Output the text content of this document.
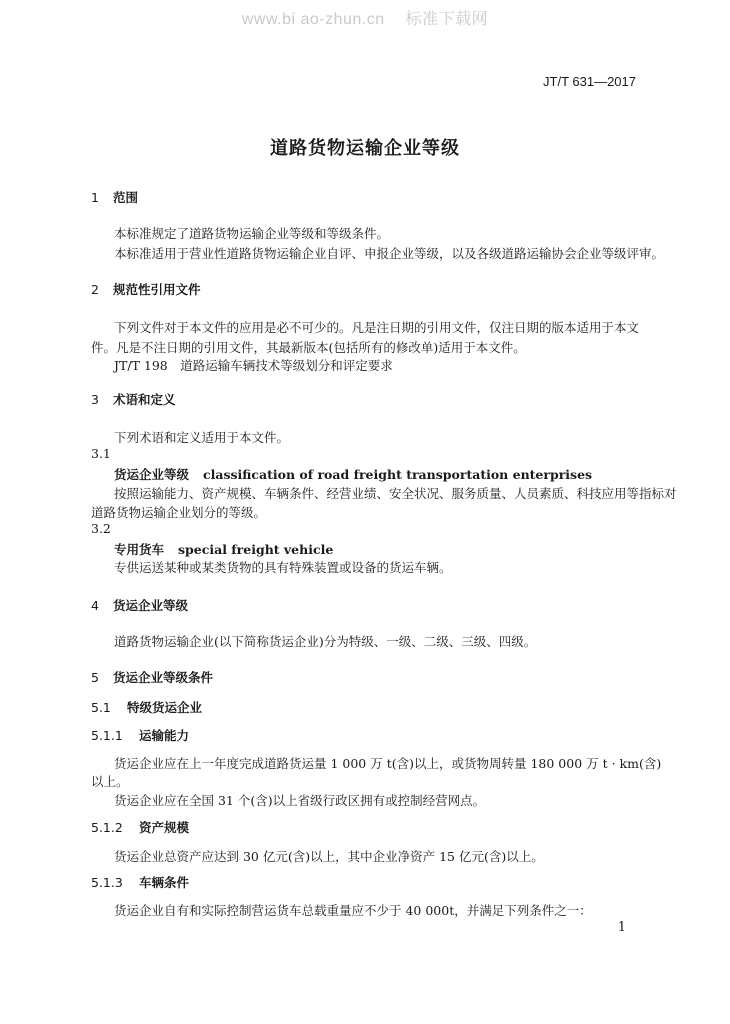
www.bi ao-zhun.cn 标准下载网
JT/T 631—2017
道路货物运输企业等级
1 范围
本标准规定了道路货物运输企业等级和等级条件。
本标准适用于营业性道路货物运输企业自评、申报企业等级，以及各级道路运输协会企业等级评审。
2 规范性引用文件
下列文件对于本文件的应用是必不可少的。凡是注日期的引用文件，仅注日期的版本适用于本文
件。凡是不注日期的引用文件，其最新版本(包括所有的修改单)适用于本文件。
JT/T 198　道路运输车辆技术等级划分和评定要求
3 术语和定义
下列术语和定义适用于本文件。
3.1
货运企业等级 classification of road freight transportation enterprises
按照运输能力、资产规模、车辆条件、经营业绩、安全状况、服务质量、人员素质、科技应用等指标对
道路货物运输企业划分的等级。
3.2
专用货车 special freight vehicle
专供运送某种或某类货物的具有特殊装置或设备的货运车辆。
4 货运企业等级
道路货物运输企业(以下简称货运企业)分为特级、一级、二级、三级、四级。
5 货运企业等级条件
5.1 特级货运企业
5.1.1 运输能力
货运企业应在上一年度完成道路货运量 1 000 万 t(含)以上，或货物周转量 180 000 万 t · km(含)
以上。
货运企业应在全国 31 个(含)以上省级行政区拥有或控制经营网点。
5.1.2 资产规模
货运企业总资产应达到 30 亿元(含)以上，其中企业净资产 15 亿元(含)以上。
5.1.3 车辆条件
货运企业自有和实际控制营运货车总载重量应不少于 40 000t，并满足下列条件之一：
1
